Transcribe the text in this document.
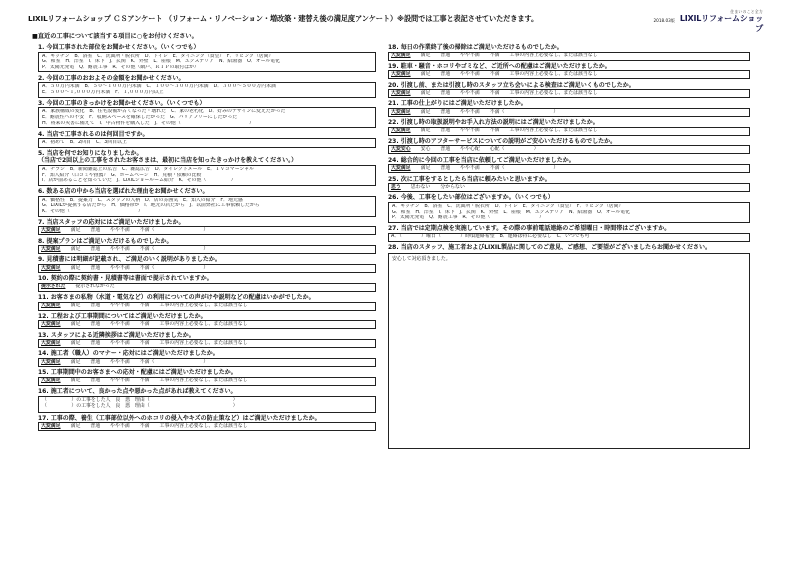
LIXILリフォームショップ ＣＳアンケート （リフォーム・リノベーション・増改築・建替え後の満足度アンケート）※設問では工事と表記させていただきます。	2018.03版
住まいのこと全力
LIXILリフォームショップ
■直近の工事について該当する項目に○をお付けください。
1. 今回工事された部位をお聞かせください。（いくつでも）
A．キッチン　B．浴室　C．洗面所・脱衣所　D．トイレ　E．ダイニング（食堂）　F．リビング（居間）
G．和室　H．洋室　I．床下　J．玄関　K．外壁　L．屋根　M．エクステリア　N．給湯器　O．オール電化
P．太陽光発電　Q．耐震工事　R．その他（網戸、ＲＩＰの取付ほか）
2. 今回の工事のおおよその金額をお聞かせください。
A．５０万円未満　B．５０～１００万円未満　C．１００～３００万円未満　D．３００～５００万円未満
E．５００～１,０００万円未満　F．１,０００万円以上
3. 今回の工事のきっかけをお聞かせください。（いくつでも）
A．家族構成の変化　B．住宅設備が古くなった・壊れた　C．家の老朽化　D．好みのデザインに変えたかった
E．耐震性への不安　F．収納スペースを確保したかった　G．バリアフリーにしたかった
H．将来の災害に備えて　I．中古物件を購入した　J．その他（　　　　　　　　　　　　　　）
4. 当店で工事されるのは何回目ですか。
A．初めて　B．2回目　C．3回目以上
5. 当店を何でお知りになりましたか。
（当店で2回以上の工事をされたお客さまは、最初に当店を知ったきっかけを教えてください。）
A．チラシ　B．新聞雑誌上の広告　C．雑誌広告　D．ダイレクトメール　E．ＴＶコマーシャル
F．知人紹介（口コミや推薦）　G．ホームページ　H．見積・依頼の比較
I．店が前あることを知っていた　J．LIXILショールーム紹介　K．その他（　　　　　）
6. 数ある店の中から当店を選ばれた理由をお聞かせください。
A．価格性　B．提案力　C．スタッフの人柄　D．店の雰囲気　E．知人の紹介　F．地元感
G．LIXILが提携する店だから　H．価格帯が　I．地元の店だから　J．以前弊社に工事依頼したから
K．その他（　　　　　　　　　　　　　　）
7. 当店スタッフの応対にはご満足いただけましたか。
大変満足 満足 普通 やや不満 不満（　　　　　　　　　　）
8. 提案プランはご満足いただけるものでしたか。
大変満足 満足 普通 やや不満 不満（　　　　　　　　　　）
9. 見積書には明細が記載され、ご満足のいく説明がありましたか。
大変満足 満足 普通 やや不満 不満（　　　　　　　　　　）
10. 契約の際に契約書・見積書等は書面で提示されていますか。
提示された 提示されなかった
11. お客さまの私物（水道・電気など）の利用についての声がけや説明などの配慮はいかがでしたか。
大変満足 満足 普通 やや不満 不満 工事の内容上必要なし、または該当なし
12. 工程および工事期間についてはご満足いただけましたか。
大変満足 満足 普通 やや不満 不満 工事の内容上必要なし、または該当なし
13. スタッフによる近隣挨拶はご満足いただけましたか。
大変満足 満足 普通 やや不満 不満 工事の内容上必要なし、または該当なし
14. 施工者（職人）のマナー・応対にはご満足いただけましたか。
大変満足 満足 普通 やや不満 不満（　　　　　　　　　　）
15. 工事期間中のお客さまへの応対・配慮にはご満足いただけましたか。
大変満足 満足 普通 やや不満 不満 工事の内容上必要なし、または該当なし
16. 施工者について、良かった点や悪かった点があれば教えてください。
（　　　　　）の工事をした人　良　悪　理由（　　　　　　　　　　　　　　　　　）
（　　　　　）の工事をした人　良　悪　理由（　　　　　　　　　　　　　　　　　）
17. 工事の際、養生（工事部位以外へのホコリの侵入やキズの防止策など）はご満足いただけましたか。
大変満足 満足 普通 やや不満 不満 工事の内容上必要なし、または該当なし
18. 毎日の作業終了後の掃除はご満足いただけるものでしたか。
大変満足 満足 普通 やや不満 不満 工事の内容上必要なし、または該当なし
19. 駐車・騒音・ホコリやゴミなど、ご近所への配慮はご満足いただけましたか。
大変満足 満足 普通 やや不満 不満 工事の内容上必要なし、または該当なし
20. 引渡し前、または引渡し時のスタッフ立ち会いによる検査はご満足いくものでしたか。
大変満足 満足 普通 やや不満 不満 工事の内容上必要なし、または該当なし
21. 工事の仕上がりにはご満足いただけましたか。
大変満足 満足 普通 やや不満 不満（　　　　　　　　　　）
22. 引渡し時の取扱説明やお手入れ方法の説明にはご満足いただけましたか。
大変満足 満足 普通 やや不満 不満 工事の内容上必要なし、または該当なし
23. 引渡し時のアフターサービスについての説明がご安心いただけるものでしたか。
大変安心 安心 普通 やや心配 心配（　　　　　　）
24. 総合的に今回の工事を当店に依頼してご満足いただけましたか。
大変満足 満足 普通 やや不満 不満（　　　　　　　　　　）
25. 次に工事をするとしたら当店に頼みたいと思いますか。
思う 思わない 分からない
26. 今後、工事をしたい部位はございますか。（いくつでも）
A．キッチン　B．浴室　C．洗面所・脱衣所　D．トイレ　E．ダイニング（食堂）　F．リビング（居間）
G．和室　H．洋室　I．床下　J．玄関　K．外壁　L．屋根　M．エクステリア　N．給湯器　O．オール電化
P．太陽光発電　Q．耐震工事　R．その他（　　　　　　　　　　）
27. 当店では定期点検を実施しています。その際の事前電話連絡のご希望曜日・時間帯はございますか。
A．（　　　　）曜日（　　　　）時頃連絡希望　B．連絡は特に必要なし　C．いつでも可
28. 当店のスタッフ、施工者およびLIXIL製品に関してのご意見、ご感想、ご要望がございましたらお聞かせください。
安心して対応頂きました。
